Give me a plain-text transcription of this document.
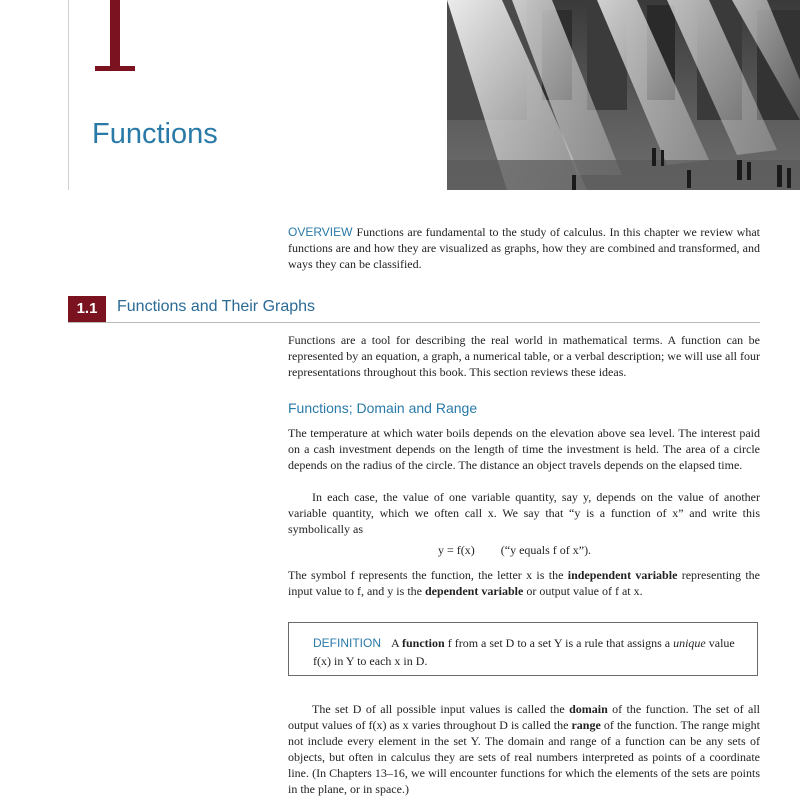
Functions
OVERVIEW Functions are fundamental to the study of calculus. In this chapter we review what functions are and how they are visualized as graphs, how they are combined and transformed, and ways they can be classified.
1.1	Functions and Their Graphs
Functions are a tool for describing the real world in mathematical terms. A function can be represented by an equation, a graph, a numerical table, or a verbal description; we will use all four representations throughout this book. This section reviews these ideas.
Functions; Domain and Range
The temperature at which water boils depends on the elevation above sea level. The interest paid on a cash investment depends on the length of time the investment is held. The area of a circle depends on the radius of the circle. The distance an object travels depends on the elapsed time.
In each case, the value of one variable quantity, say y, depends on the value of another variable quantity, which we often call x. We say that “y is a function of x” and write this symbolically as
y = f(x) (“y equals f of x”).
The symbol f represents the function, the letter x is the independent variable representing the input value to f, and y is the dependent variable or output value of f at x.
DEFINITION A function f from a set D to a set Y is a rule that assigns a unique value f(x) in Y to each x in D.
The set D of all possible input values is called the domain of the function. The set of all output values of f(x) as x varies throughout D is called the range of the function. The range might not include every element in the set Y. The domain and range of a function can be any sets of objects, but often in calculus they are sets of real numbers interpreted as points of a coordinate line. (In Chapters 13–16, we will encounter functions for which the elements of the sets are points in the plane, or in space.)
